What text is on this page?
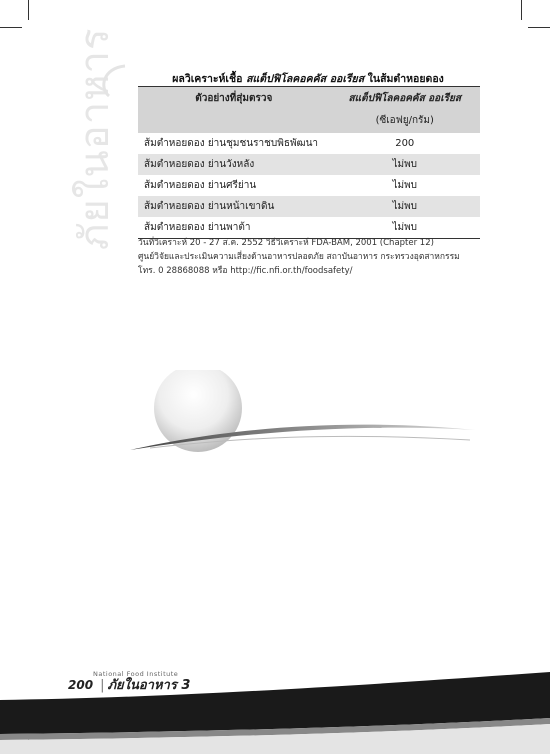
ภัยในอาหาร	ผลวิเคราะห์เชื้อ สแต็ปฟิโลคอคคัส ออเรียส ในส้มตำหอยดอง
ตัวอย่างที่สุ่มตรวจ	สแต็ปฟิโลคอคคัส ออเรียส
	(ซีเอฟยู/กรัม)
ส้มตำหอยดอง ย่านชุมชนราชบพิธพัฒนา	200
ส้มตำหอยดอง ย่านวังหลัง	ไม่พบ
ส้มตำหอยดอง ย่านศรีย่าน	ไม่พบ
ส้มตำหอยดอง ย่านหน้าเขาดิน	ไม่พบ
ส้มตำหอยดอง ย่านพาต้า	ไม่พบ
วันที่วิเคราะห์ 20 - 27 ส.ค. 2552 วิธีวิเคราะห์ FDA-BAM, 2001 (Chapter 12)
ศูนย์วิจัยและประเมินความเสี่ยงด้านอาหารปลอดภัย สถาบันอาหาร กระทรวงอุตสาหกรรม
โทร. 0 28868088 หรือ http://fic.nfi.or.th/foodsafety/
National Food Institute
200 | ภัยในอาหาร 3
